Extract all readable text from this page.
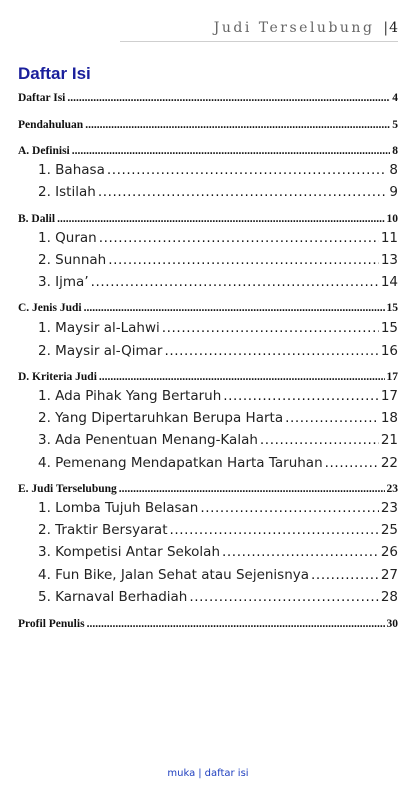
Judi Terselubung |4
Daftar Isi
Daftar Isi .....	4
Pendahuluan .....	5
A. Definisi .....	8
1. Bahasa .....	8
2. Istilah .....	9
B. Dalil .....	10
1. Quran .....	11
2. Sunnah .....	13
3. Ijma’ .....	14
C. Jenis Judi .....	15
1. Maysir al-Lahwi .....	15
2. Maysir al-Qimar .....	16
D. Kriteria Judi .....	17
1. Ada Pihak Yang Bertaruh .....	17
2. Yang Dipertaruhkan Berupa Harta .....	18
3. Ada Penentuan Menang-Kalah .....	21
4. Pemenang Mendapatkan Harta Taruhan .....	22
E. Judi Terselubung .....	23
1. Lomba Tujuh Belasan .....	23
2. Traktir Bersyarat .....	25
3. Kompetisi Antar Sekolah .....	26
4. Fun Bike, Jalan Sehat atau Sejenisnya .....	27
5. Karnaval Berhadiah .....	28
Profil Penulis .....	30
muka | daftar isi
